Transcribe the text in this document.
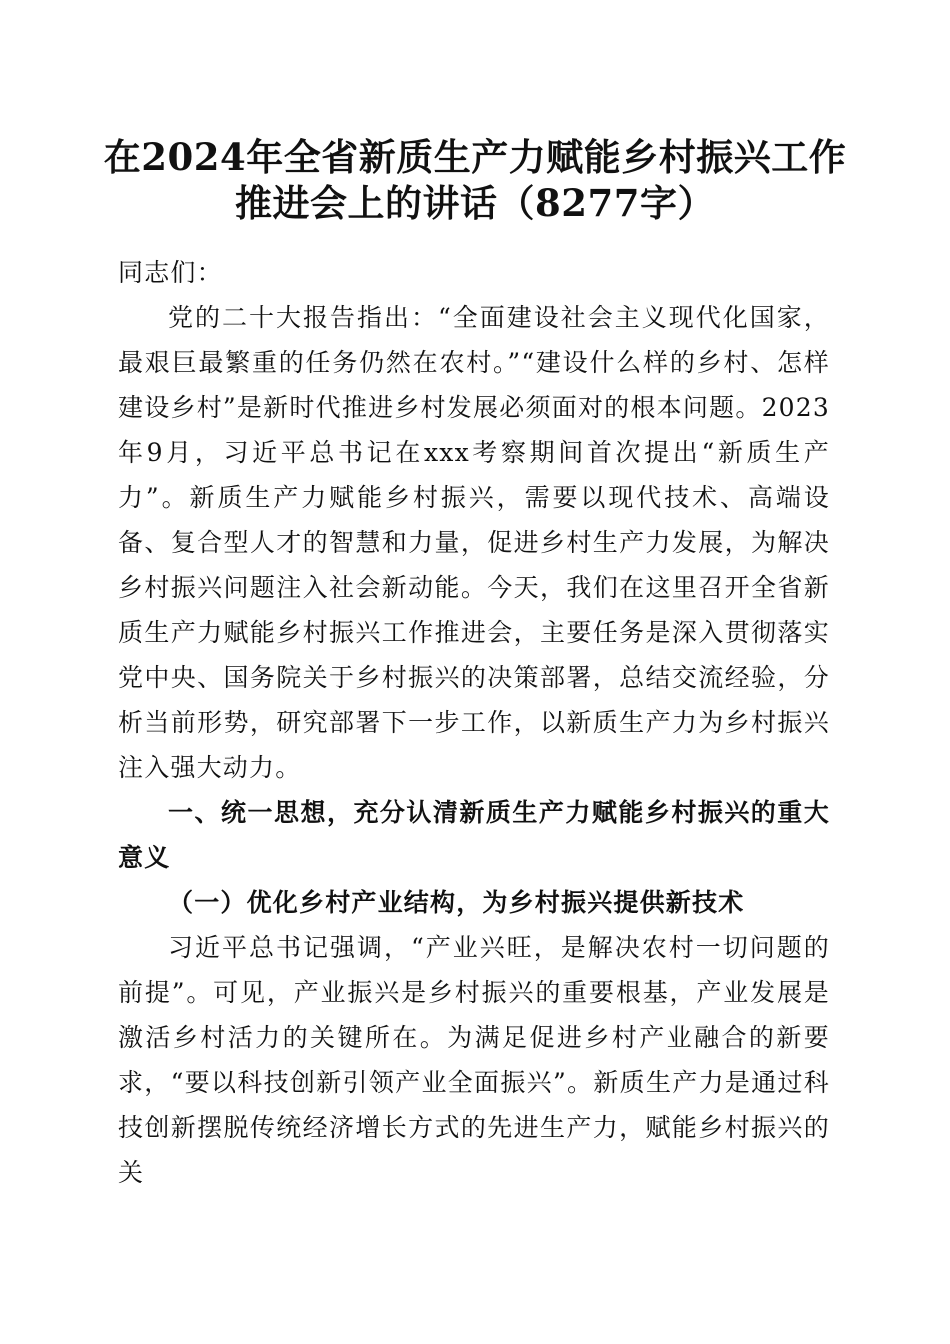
在2024年全省新质生产力赋能乡村振兴工作
推进会上的讲话（8277字）

同志们：

党的二十大报告指出：“全面建设社会主义现代化国家，最艰巨最繁重的任务仍然在农村。”“建设什么样的乡村、怎样建设乡村”是新时代推进乡村发展必须面对的根本问题。2023年9月，习近平总书记在xxx考察期间首次提出“新质生产力”。新质生产力赋能乡村振兴，需要以现代技术、高端设备、复合型人才的智慧和力量，促进乡村生产力发展，为解决乡村振兴问题注入社会新动能。今天，我们在这里召开全省新质生产力赋能乡村振兴工作推进会，主要任务是深入贯彻落实党中央、国务院关于乡村振兴的决策部署，总结交流经验，分析当前形势，研究部署下一步工作，以新质生产力为乡村振兴注入强大动力。

一、统一思想，充分认清新质生产力赋能乡村振兴的重大意义

（一）优化乡村产业结构，为乡村振兴提供新技术

习近平总书记强调，“产业兴旺，是解决农村一切问题的前提”。可见，产业振兴是乡村振兴的重要根基，产业发展是激活乡村活力的关键所在。为满足促进乡村产业融合的新要求，“要以科技创新引领产业全面振兴”。新质生产力是通过科技创新摆脱传统经济增长方式的先进生产力，赋能乡村振兴的关
